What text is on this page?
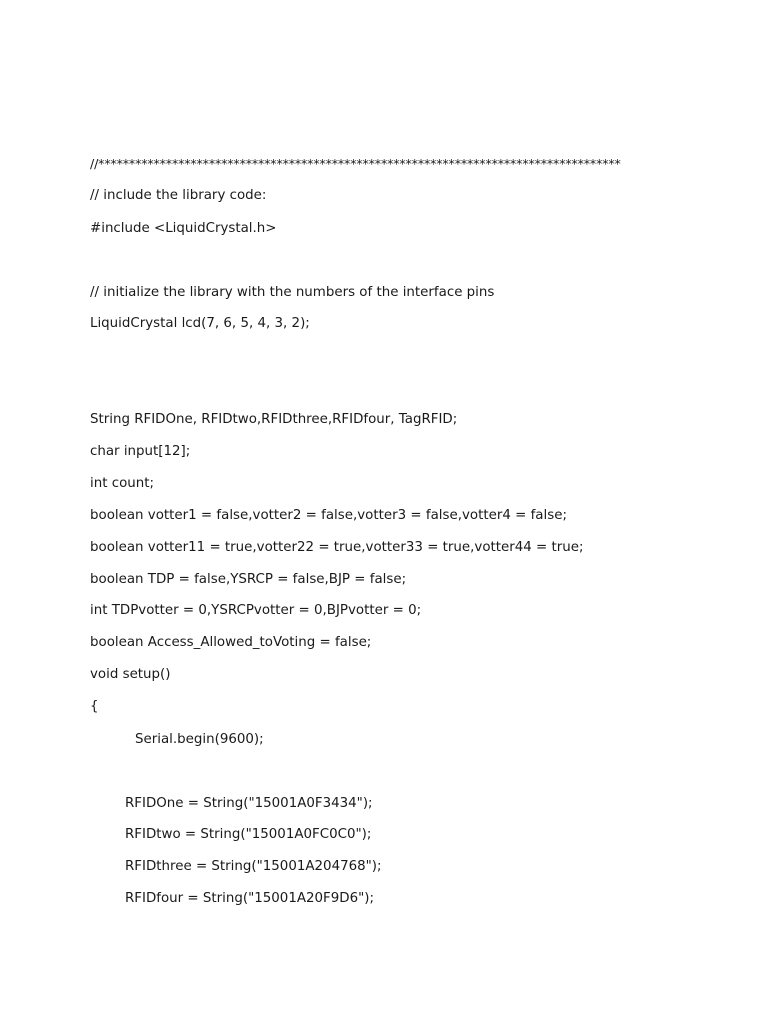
//*************************************************************************************
// include the library code:
#include <LiquidCrystal.h>
// initialize the library with the numbers of the interface pins
LiquidCrystal lcd(7, 6, 5, 4, 3, 2);
String RFIDOne, RFIDtwo,RFIDthree,RFIDfour, TagRFID;
char input[12];
int count;
boolean votter1 = false,votter2 = false,votter3 = false,votter4 = false;
boolean votter11 = true,votter22 = true,votter33 = true,votter44 = true;
boolean TDP = false,YSRCP = false,BJP = false;
int TDPvotter = 0,YSRCPvotter = 0,BJPvotter = 0;
boolean Access_Allowed_toVoting = false;
void setup()
{
Serial.begin(9600);
RFIDOne = String("15001A0F3434");
RFIDtwo = String("15001A0FC0C0");
RFIDthree = String("15001A204768");
RFIDfour = String("15001A20F9D6");
